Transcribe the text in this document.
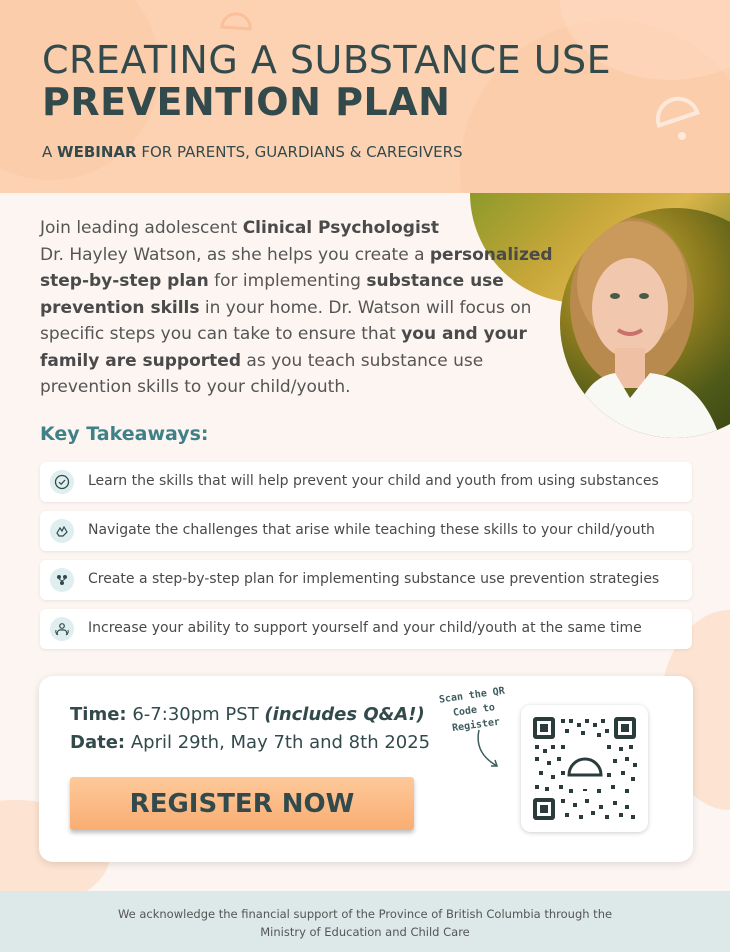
CREATING A SUBSTANCE USE
PREVENTION PLAN
A WEBINAR FOR PARENTS, GUARDIANS & CAREGIVERS
Join leading adolescent Clinical Psychologist
Dr. Hayley Watson, as she helps you create a personalized step-by-step plan for implementing substance use prevention skills in your home. Dr. Watson will focus on specific steps you can take to ensure that you and your family are supported as you teach substance use prevention skills to your child/youth.
Key Takeaways:
Learn the skills that will help prevent your child and youth from using substances
Navigate the challenges that arise while teaching these skills to your child/youth
Create a step-by-step plan for implementing substance use prevention strategies
Increase your ability to support yourself and your child/youth at the same time
Time: 6-7:30pm PST (includes Q&A!)
Date: April 29th, May 7th and 8th 2025
REGISTER NOW
Scan the QR
Code to Register
We acknowledge the financial support of the Province of British Columbia through the
Ministry of Education and Child Care
